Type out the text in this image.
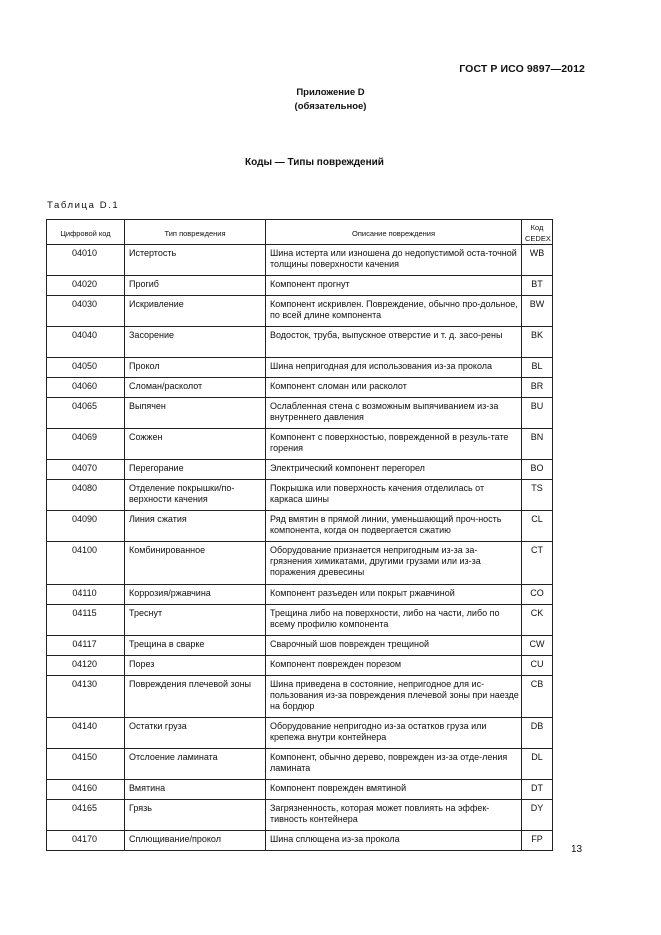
ГОСТ Р ИСО 9897—2012
Приложение D
(обязательное)
Коды — Типы повреждений
Таблица D.1
Цифровой код	Тип повреждения	Описание повреждения	Код CEDEX
04010	Истертость	Шина истерта или изношена до недопустимой оста-точной толщины поверхности качения	WB
04020	Прогиб	Компонент прогнут	BT
04030	Искривление	Компонент искривлен. Повреждение, обычно про-дольное, по всей длине компонента	BW
04040	Засорение	Водосток, труба, выпускное отверстие и т. д. засо-рены	BK
04050	Прокол	Шина непригодная для использования из-за прокола	BL
04060	Сломан/расколот	Компонент сломан или расколот	BR
04065	Выпячен	Ослабленная стена с возможным выпячиванием из-за внутреннего давления	BU
04069	Сожжен	Компонент с поверхностью, поврежденной в резуль-тате горения	BN
04070	Перегорание	Электрический компонент перегорел	BO
04080	Отделение покрышки/по-верхности качения	Покрышка или поверхность качения отделилась от каркаса шины	TS
04090	Линия сжатия	Ряд вмятин в прямой линии, уменьшающий проч-ность компонента, когда он подвергается сжатию	CL
04100	Комбинированное	Оборудование признается непригодным из-за за-грязнения химикатами, другими грузами или из-за поражения древесины	CT
04110	Коррозия/ржавчина	Компонент разъеден или покрыт ржавчиной	CO
04115	Треснут	Трещина либо на поверхности, либо на части, либо по всему профилю компонента	CK
04117	Трещина в сварке	Сварочный шов поврежден трещиной	CW
04120	Порез	Компонент поврежден порезом	CU
04130	Повреждения плечевой зоны	Шина приведена в состояние, непригодное для ис-пользования из-за повреждения плечевой зоны при наезде на бордюр	CB
04140	Остатки груза	Оборудование непригодно из-за остатков груза или крепежа внутри контейнера	DB
04150	Отслоение ламината	Компонент, обычно дерево, поврежден из-за отде-ления ламината	DL
04160	Вмятина	Компонент поврежден вмятиной	DT
04165	Грязь	Загрязненность, которая может повлиять на эффек-тивность контейнера	DY
04170	Сплющивание/прокол	Шина сплющена из-за прокола	FP
13
